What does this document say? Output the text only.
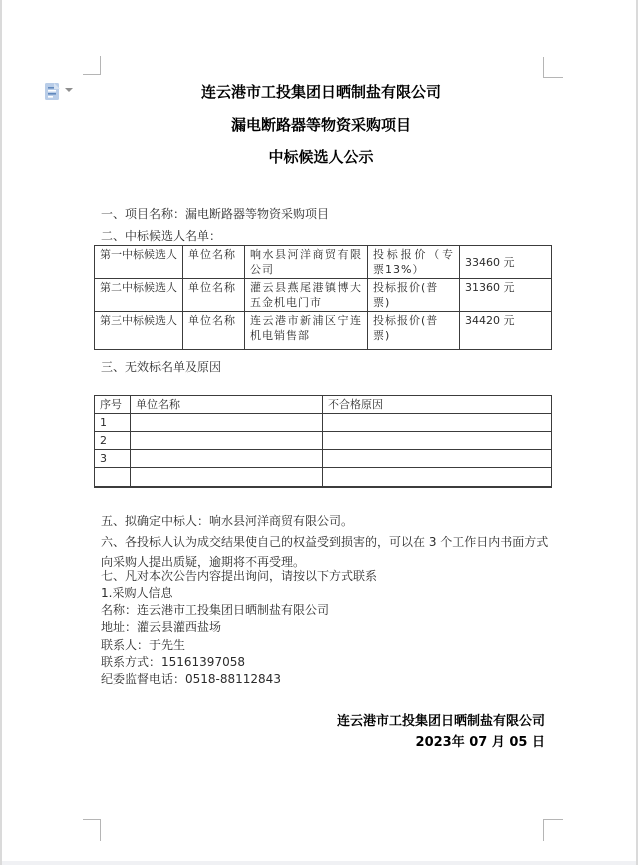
连云港市工投集团日晒制盐有限公司
漏电断路器等物资采购项目
中标候选人公示
一、项目名称：漏电断路器等物资采购项目
二、中标候选人名单：
第一中标候选人	单位名称	响水县河洋商贸有限公司	投标报价（专票13%）	33460 元
第二中标候选人	单位名称	灌云县燕尾港镇博大五金机电门市	投标报价(普票)	31360 元
第三中标候选人	单位名称	连云港市新浦区宁连机电销售部	投标报价(普票)	34420 元
三、无效标名单及原因
序号	单位名称	不合格原因
1		
2		
3		

五、拟确定中标人：响水县河洋商贸有限公司。
六、各投标人认为成交结果使自己的权益受到损害的，可以在 3 个工作日内书面方式向采购人提出质疑，逾期将不再受理。
七、凡对本次公告内容提出询问，请按以下方式联系
1.采购人信息
名称：连云港市工投集团日晒制盐有限公司
地址：灌云县灌西盐场
联系人：于先生
联系方式：15161397058
纪委监督电话：0518-88112843
连云港市工投集团日晒制盐有限公司
2023年 07 月 05 日
